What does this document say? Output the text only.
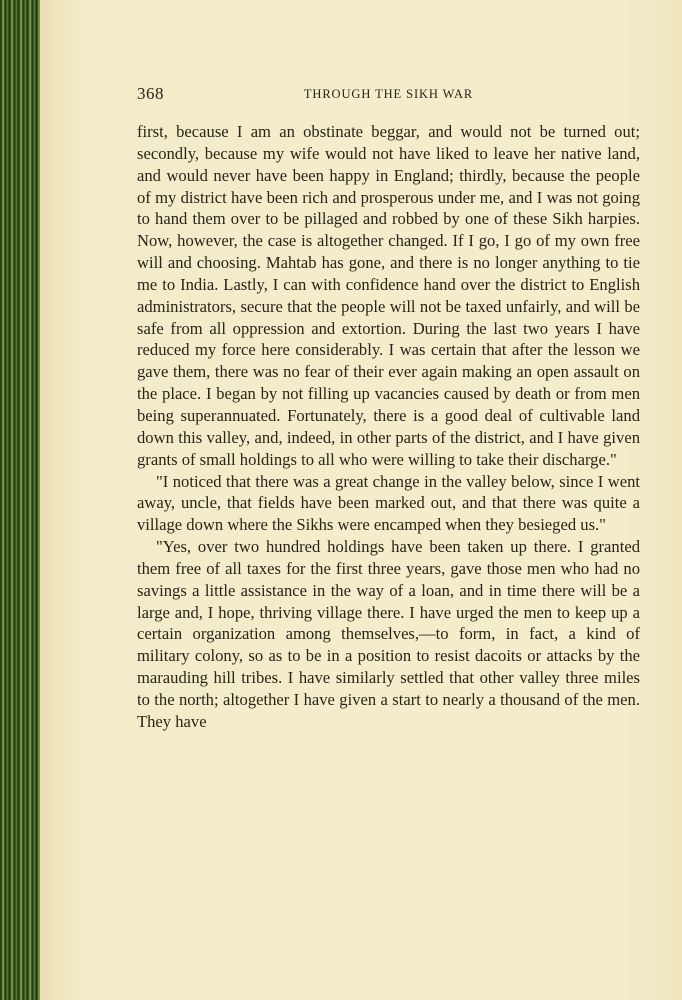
368	THROUGH THE SIKH WAR

first, because I am an obstinate beggar, and would not be turned out; secondly, because my wife would not have liked to leave her native land, and would never have been happy in England; thirdly, because the people of my district have been rich and prosperous under me, and I was not going to hand them over to be pillaged and robbed by one of these Sikh harpies. Now, however, the case is altogether changed. If I go, I go of my own free will and choosing. Mahtab has gone, and there is no longer anything to tie me to India. Lastly, I can with confidence hand over the district to English administrators, secure that the people will not be taxed unfairly, and will be safe from all oppression and extortion. During the last two years I have reduced my force here considerably. I was certain that after the lesson we gave them, there was no fear of their ever again making an open assault on the place. I began by not filling up vacancies caused by death or from men being superannuated. Fortunately, there is a good deal of cultivable land down this valley, and, indeed, in other parts of the district, and I have given grants of small holdings to all who were willing to take their discharge."

"I noticed that there was a great change in the valley below, since I went away, uncle, that fields have been marked out, and that there was quite a village down where the Sikhs were encamped when they besieged us."

"Yes, over two hundred holdings have been taken up there. I granted them free of all taxes for the first three years, gave those men who had no savings a little assistance in the way of a loan, and in time there will be a large and, I hope, thriving village there. I have urged the men to keep up a certain organization among themselves,—to form, in fact, a kind of military colony, so as to be in a position to resist dacoits or attacks by the marauding hill tribes. I have similarly settled that other valley three miles to the north; altogether I have given a start to nearly a thousand of the men. They have
